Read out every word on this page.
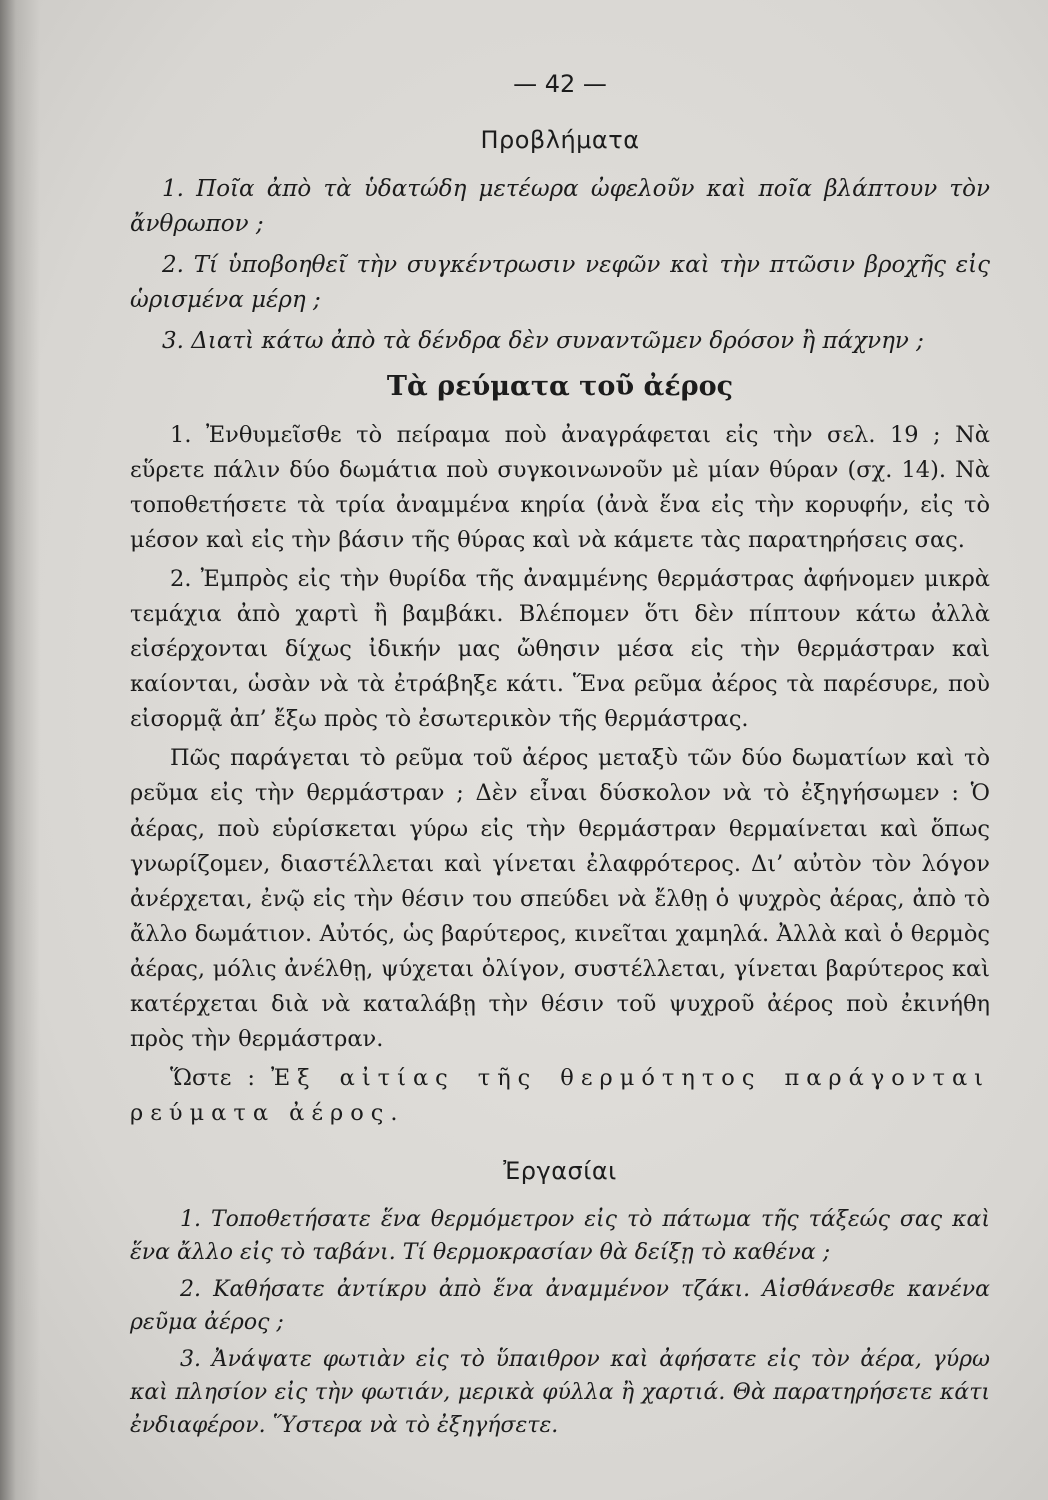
— 42 —
Προβλήματα

1. Ποῖα ἀπὸ τὰ ὑδατώδη μετέωρα ὠφελοῦν καὶ ποῖα βλάπτουν τὸν ἄνθρωπον ;

2. Τί ὑποβοηθεῖ τὴν συγκέντρωσιν νεφῶν καὶ τὴν πτῶσιν βροχῆς εἰς ὡρισμένα μέρη ;

3. Διατὶ κάτω ἀπὸ τὰ δένδρα δὲν συναντῶμεν δρόσον ἢ πάχνην ;

Τὰ ρεύματα τοῦ ἀέρος

1. Ἐνθυμεῖσθε τὸ πείραμα ποὺ ἀναγράφεται εἰς τὴν σελ. 19 ; Νὰ εὕρετε πάλιν δύο δωμάτια ποὺ συγκοινωνοῦν μὲ μίαν θύραν (σχ. 14). Νὰ τοποθετήσετε τὰ τρία ἀναμμένα κηρία (ἀνὰ ἕνα εἰς τὴν κορυφήν, εἰς τὸ μέσον καὶ εἰς τὴν βάσιν τῆς θύρας καὶ νὰ κάμετε τὰς παρατηρήσεις σας.

2. Ἐμπρὸς εἰς τὴν θυρίδα τῆς ἀναμμένης θερμάστρας ἀφήνομεν μικρὰ τεμάχια ἀπὸ χαρτὶ ἢ βαμβάκι. Βλέπομεν ὅτι δὲν πίπτουν κάτω ἀλλὰ εἰσέρχονται δίχως ἰδικήν μας ὤθησιν μέσα εἰς τὴν θερμάστραν καὶ καίονται, ὡσὰν νὰ τὰ ἐτράβηξε κάτι. Ἕνα ρεῦμα ἀέρος τὰ παρέσυρε, ποὺ εἰσορμᾷ ἀπ’ ἔξω πρὸς τὸ ἐσωτερικὸν τῆς θερμάστρας.

Πῶς παράγεται τὸ ρεῦμα τοῦ ἀέρος μεταξὺ τῶν δύο δωματίων καὶ τὸ ρεῦμα εἰς τὴν θερμάστραν ; Δὲν εἶναι δύσκολον νὰ τὸ ἐξηγήσωμεν : Ὁ ἀέρας, ποὺ εὑρίσκεται γύρω εἰς τὴν θερμάστραν θερμαίνεται καὶ ὅπως γνωρίζομεν, διαστέλλεται καὶ γίνεται ἐλαφρότερος. Δι’ αὐτὸν τὸν λόγον ἀνέρχεται, ἐνῷ εἰς τὴν θέσιν του σπεύδει νὰ ἔλθῃ ὁ ψυχρὸς ἀέρας, ἀπὸ τὸ ἄλλο δωμάτιον. Αὐτός, ὡς βαρύτερος, κινεῖται χαμηλά. Ἀλλὰ καὶ ὁ θερμὸς ἀέρας, μόλις ἀνέλθῃ, ψύχεται ὀλίγον, συστέλλεται, γίνεται βαρύτερος καὶ κατέρχεται διὰ νὰ καταλάβῃ τὴν θέσιν τοῦ ψυχροῦ ἀέρος ποὺ ἐκινήθη πρὸς τὴν θερμάστραν.

Ὥστε : Ἐξ αἰτίας τῆς θερμότητος παράγονται ρεύματα ἀέρος.

Ἐργασίαι

1. Τοποθετήσατε ἕνα θερμόμετρον εἰς τὸ πάτωμα τῆς τάξεώς σας καὶ ἕνα ἄλλο εἰς τὸ ταβάνι. Τί θερμοκρασίαν θὰ δείξῃ τὸ καθένα ;

2. Καθήσατε ἀντίκρυ ἀπὸ ἕνα ἀναμμένον τζάκι. Αἰσθάνεσθε κανένα ρεῦμα ἀέρος ;

3. Ἀνάψατε φωτιὰν εἰς τὸ ὕπαιθρον καὶ ἀφήσατε εἰς τὸν ἀέρα, γύρω καὶ πλησίον εἰς τὴν φωτιάν, μερικὰ φύλλα ἢ χαρτιά. Θὰ παρατηρήσετε κάτι ἐνδιαφέρον. Ὕστερα νὰ τὸ ἐξηγήσετε.
